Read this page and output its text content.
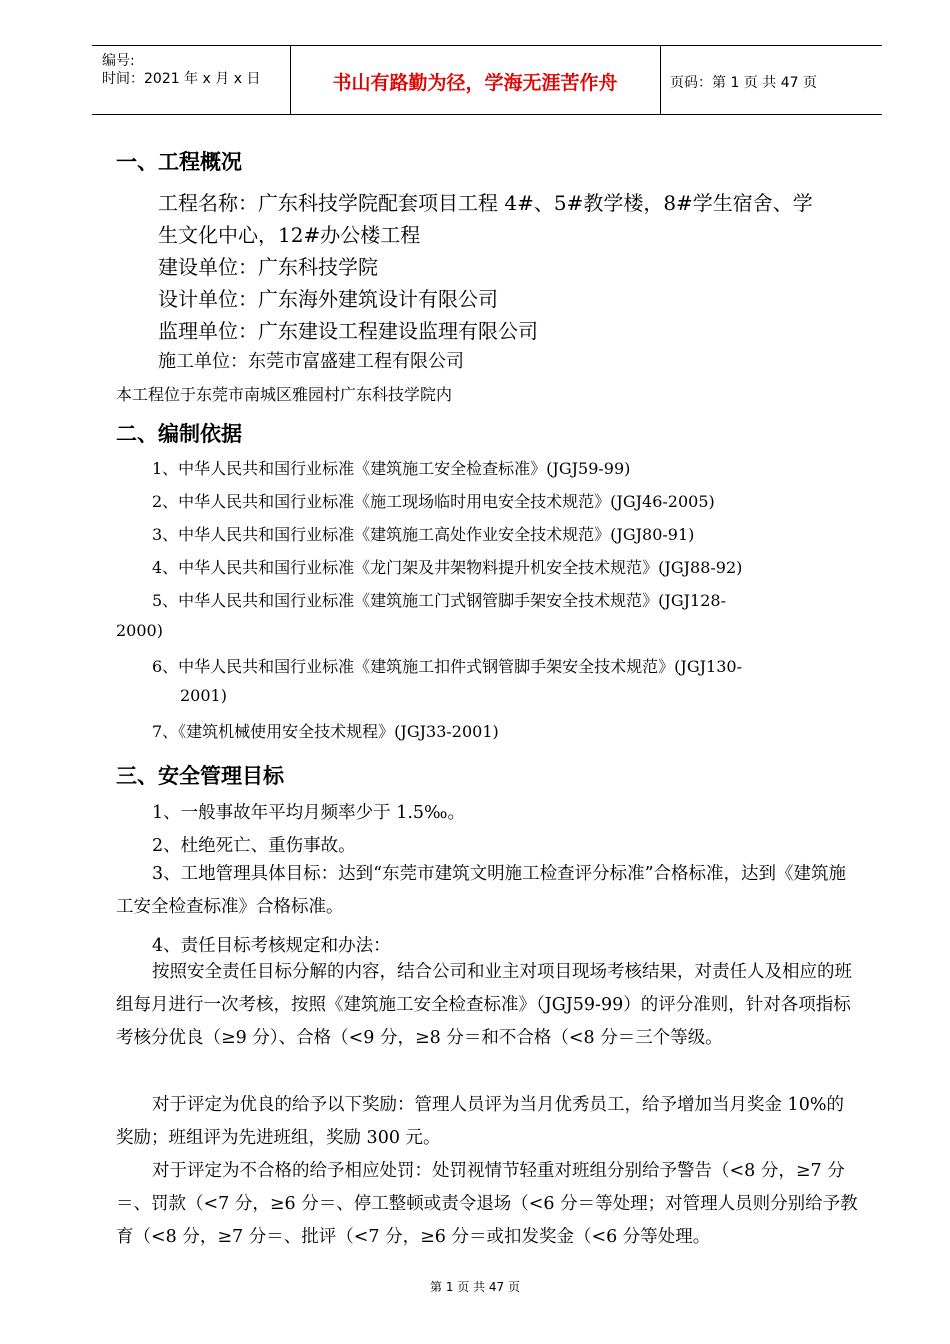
编号:
时间：2021 年 x 月 x 日	书山有路勤为径，学海无涯苦作舟	页码：第 1 页 共 47 页
一、工程概况
工程名称：广东科技学院配套项目工程 4#、5#教学楼，8#学生宿舍、学
生文化中心，12#办公楼工程
建设单位：广东科技学院
设计单位：广东海外建筑设计有限公司
监理单位：广东建设工程建设监理有限公司
施工单位：东莞市富盛建工程有限公司
本工程位于东莞市南城区雅园村广东科技学院内
二、编制依据
1、中华人民共和国行业标准《建筑施工安全检查标准》(JGJ59-99)
2、中华人民共和国行业标准《施工现场临时用电安全技术规范》(JGJ46-2005)
3、中华人民共和国行业标准《建筑施工高处作业安全技术规范》(JGJ80-91)
4、中华人民共和国行业标准《龙门架及井架物料提升机安全技术规范》(JGJ88-92)
5、中华人民共和国行业标准《建筑施工门式钢管脚手架安全技术规范》(JGJ128-
2000)
6、中华人民共和国行业标准《建筑施工扣件式钢管脚手架安全技术规范》(JGJ130-
2001)
7、《建筑机械使用安全技术规程》(JGJ33-2001)
三、安全管理目标
1、一般事故年平均月频率少于 1.5‰。
2、杜绝死亡、重伤事故。
3、工地管理具体目标：达到“东莞市建筑文明施工检查评分标准”合格标准，达到《建筑施工安全检查标准》合格标准。
4、责任目标考核规定和办法：
按照安全责任目标分解的内容，结合公司和业主对项目现场考核结果，对责任人及相应的班组每月进行一次考核，按照《建筑施工安全检查标准》（JGJ59-99）的评分准则，针对各项指标考核分优良（≥9 分）、合格（<9 分，≥8 分＝和不合格（<8 分＝三个等级。
对于评定为优良的给予以下奖励：管理人员评为当月优秀员工，给予增加当月奖金 10%的奖励；班组评为先进班组，奖励 300 元。
对于评定为不合格的给予相应处罚：处罚视情节轻重对班组分别给予警告（<8 分，≥7 分＝、罚款（<7 分，≥6 分＝、停工整顿或责令退场（<6 分＝等处理；对管理人员则分别给予教育（<8 分，≥7 分＝、批评（<7 分，≥6 分＝或扣发奖金（<6 分等处理。
第 1 页 共 47 页
